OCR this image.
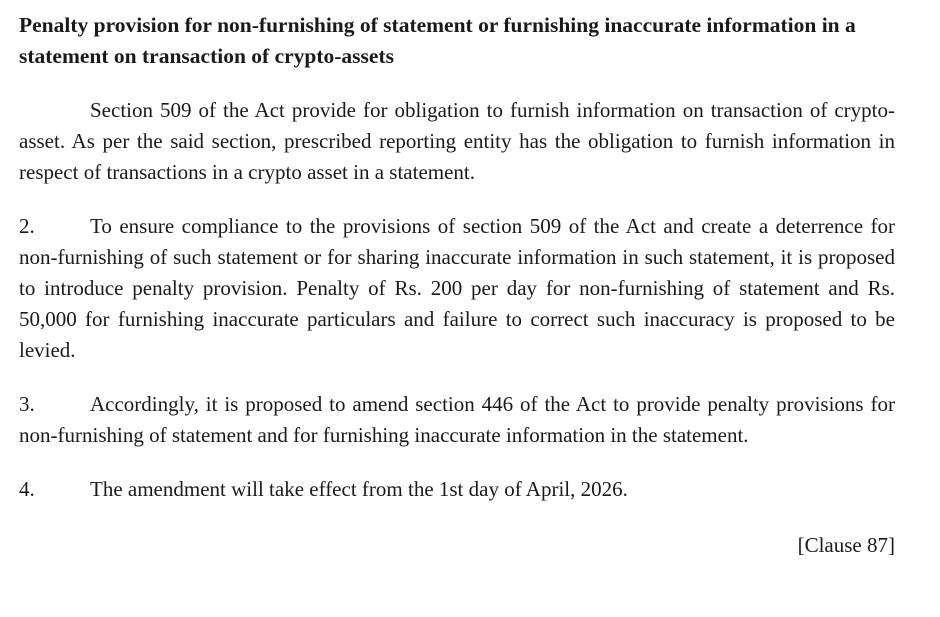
Penalty provision for non-furnishing of statement or furnishing inaccurate information in a statement on transaction of crypto-assets

Section 509 of the Act provide for obligation to furnish information on transaction of crypto-asset. As per the said section, prescribed reporting entity has the obligation to furnish information in respect of transactions in a crypto asset in a statement.

2.	To ensure compliance to the provisions of section 509 of the Act and create a deterrence for non-furnishing of such statement or for sharing inaccurate information in such statement, it is proposed to introduce penalty provision. Penalty of Rs. 200 per day for non-furnishing of statement and Rs. 50,000 for furnishing inaccurate particulars and failure to correct such inaccuracy is proposed to be levied.

3.	Accordingly, it is proposed to amend section 446 of the Act to provide penalty provisions for non-furnishing of statement and for furnishing inaccurate information in the statement.

4.	The amendment will take effect from the 1st day of April, 2026.

[Clause 87]
